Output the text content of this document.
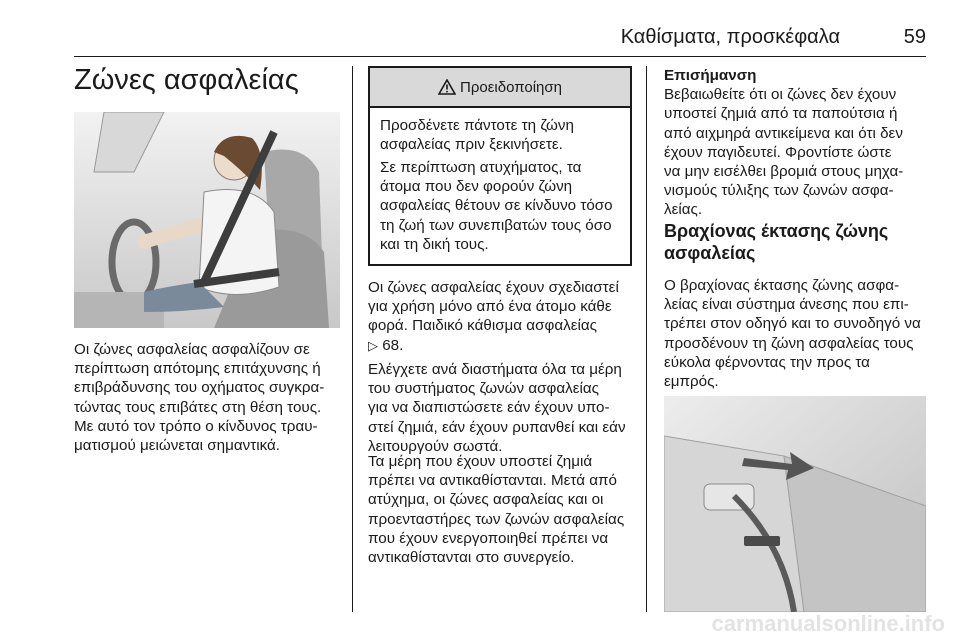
Καθίσματα, προσκέφαλα	59
Ζώνες ασφαλείας
Οι ζώνες ασφαλείας ασφαλίζουν σε
περίπτωση απότομης επιτάχυνσης ή
επιβράδυνσης του οχήματος συγκρα-
τώντας τους επιβάτες στη θέση τους.
Με αυτό τον τρόπο ο κίνδυνος τραυ-
ματισμού μειώνεται σημαντικά.
Προειδοποίηση
Προσδένετε πάντοτε τη ζώνη
ασφαλείας πριν ξεκινήσετε.
Σε περίπτωση ατυχήματος, τα
άτομα που δεν φορούν ζώνη
ασφαλείας θέτουν σε κίνδυνο τόσο
τη ζωή των συνεπιβατών τους όσο
και τη δική τους.
Οι ζώνες ασφαλείας έχουν σχεδιαστεί
για χρήση μόνο από ένα άτομο κάθε
φορά. Παιδικό κάθισμα ασφαλείας
▷ 68.
Ελέγχετε ανά διαστήματα όλα τα μέρη
του συστήματος ζωνών ασφαλείας
για να διαπιστώσετε εάν έχουν υπο-
στεί ζημιά, εάν έχουν ρυπανθεί και εάν
λειτουργούν σωστά.
Τα μέρη που έχουν υποστεί ζημιά
πρέπει να αντικαθίστανται. Μετά από
ατύχημα, οι ζώνες ασφαλείας και οι
προενταστήρες των ζωνών ασφαλείας
που έχουν ενεργοποιηθεί πρέπει να
αντικαθίστανται στο συνεργείο.
Επισήμανση
Βεβαιωθείτε ότι οι ζώνες δεν έχουν
υποστεί ζημιά από τα παπούτσια ή
από αιχμηρά αντικείμενα και ότι δεν
έχουν παγιδευτεί. Φροντίστε ώστε
να μην εισέλθει βρομιά στους μηχα-
νισμούς τύλιξης των ζωνών ασφα-
λείας.
Βραχίονας έκτασης ζώνης
ασφαλείας
Ο βραχίονας έκτασης ζώνης ασφα-
λείας είναι σύστημα άνεσης που επι-
τρέπει στον οδηγό και το συνοδηγό να
προσδένουν τη ζώνη ασφαλείας τους
εύκολα φέρνοντας την προς τα
εμπρός.
carmanualsonline.info
